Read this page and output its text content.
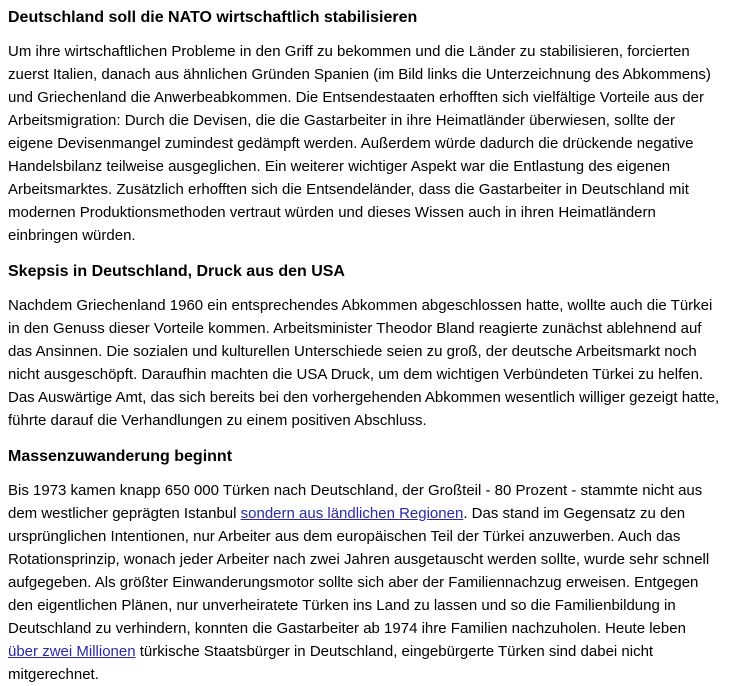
Deutschland soll die NATO wirtschaftlich stabilisieren

Um ihre wirtschaftlichen Probleme in den Griff zu bekommen und die Länder zu stabilisieren, forcierten zuerst Italien, danach aus ähnlichen Gründen Spanien (im Bild links die Unterzeichnung des Abkommens) und Griechenland die Anwerbeabkommen. Die Entsendestaaten erhofften sich vielfältige Vorteile aus der Arbeitsmigration: Durch die Devisen, die die Gastarbeiter in ihre Heimatländer überwiesen, sollte der eigene Devisenmangel zumindest gedämpft werden. Außerdem würde dadurch die drückende negative Handelsbilanz teilweise ausgeglichen. Ein weiterer wichtiger Aspekt war die Entlastung des eigenen Arbeitsmarktes. Zusätzlich erhofften sich die Entsendeländer, dass die Gastarbeiter in Deutschland mit modernen Produktionsmethoden vertraut würden und dieses Wissen auch in ihren Heimatländern einbringen würden.

Skepsis in Deutschland, Druck aus den USA

Nachdem Griechenland 1960 ein entsprechendes Abkommen abgeschlossen hatte, wollte auch die Türkei in den Genuss dieser Vorteile kommen. Arbeitsminister Theodor Bland reagierte zunächst ablehnend auf das Ansinnen. Die sozialen und kulturellen Unterschiede seien zu groß, der deutsche Arbeitsmarkt noch nicht ausgeschöpft. Daraufhin machten die USA Druck, um dem wichtigen Verbündeten Türkei zu helfen. Das Auswärtige Amt, das sich bereits bei den vorhergehenden Abkommen wesentlich williger gezeigt hatte, führte darauf die Verhandlungen zu einem positiven Abschluss.

Massenzuwanderung beginnt

Bis 1973 kamen knapp 650 000 Türken nach Deutschland, der Großteil - 80 Prozent - stammte nicht aus dem westlicher geprägten Istanbul sondern aus ländlichen Regionen. Das stand im Gegensatz zu den ursprünglichen Intentionen, nur Arbeiter aus dem europäischen Teil der Türkei anzuwerben. Auch das Rotationsprinzip, wonach jeder Arbeiter nach zwei Jahren ausgetauscht werden sollte, wurde sehr schnell aufgegeben. Als größter Einwanderungsmotor sollte sich aber der Familiennachzug erweisen. Entgegen den eigentlichen Plänen, nur unverheiratete Türken ins Land zu lassen und so die Familienbildung in Deutschland zu verhindern, konnten die Gastarbeiter ab 1974 ihre Familien nachzuholen. Heute leben über zwei Millionen türkische Staatsbürger in Deutschland, eingebürgerte Türken sind dabei nicht mitgerechnet.
